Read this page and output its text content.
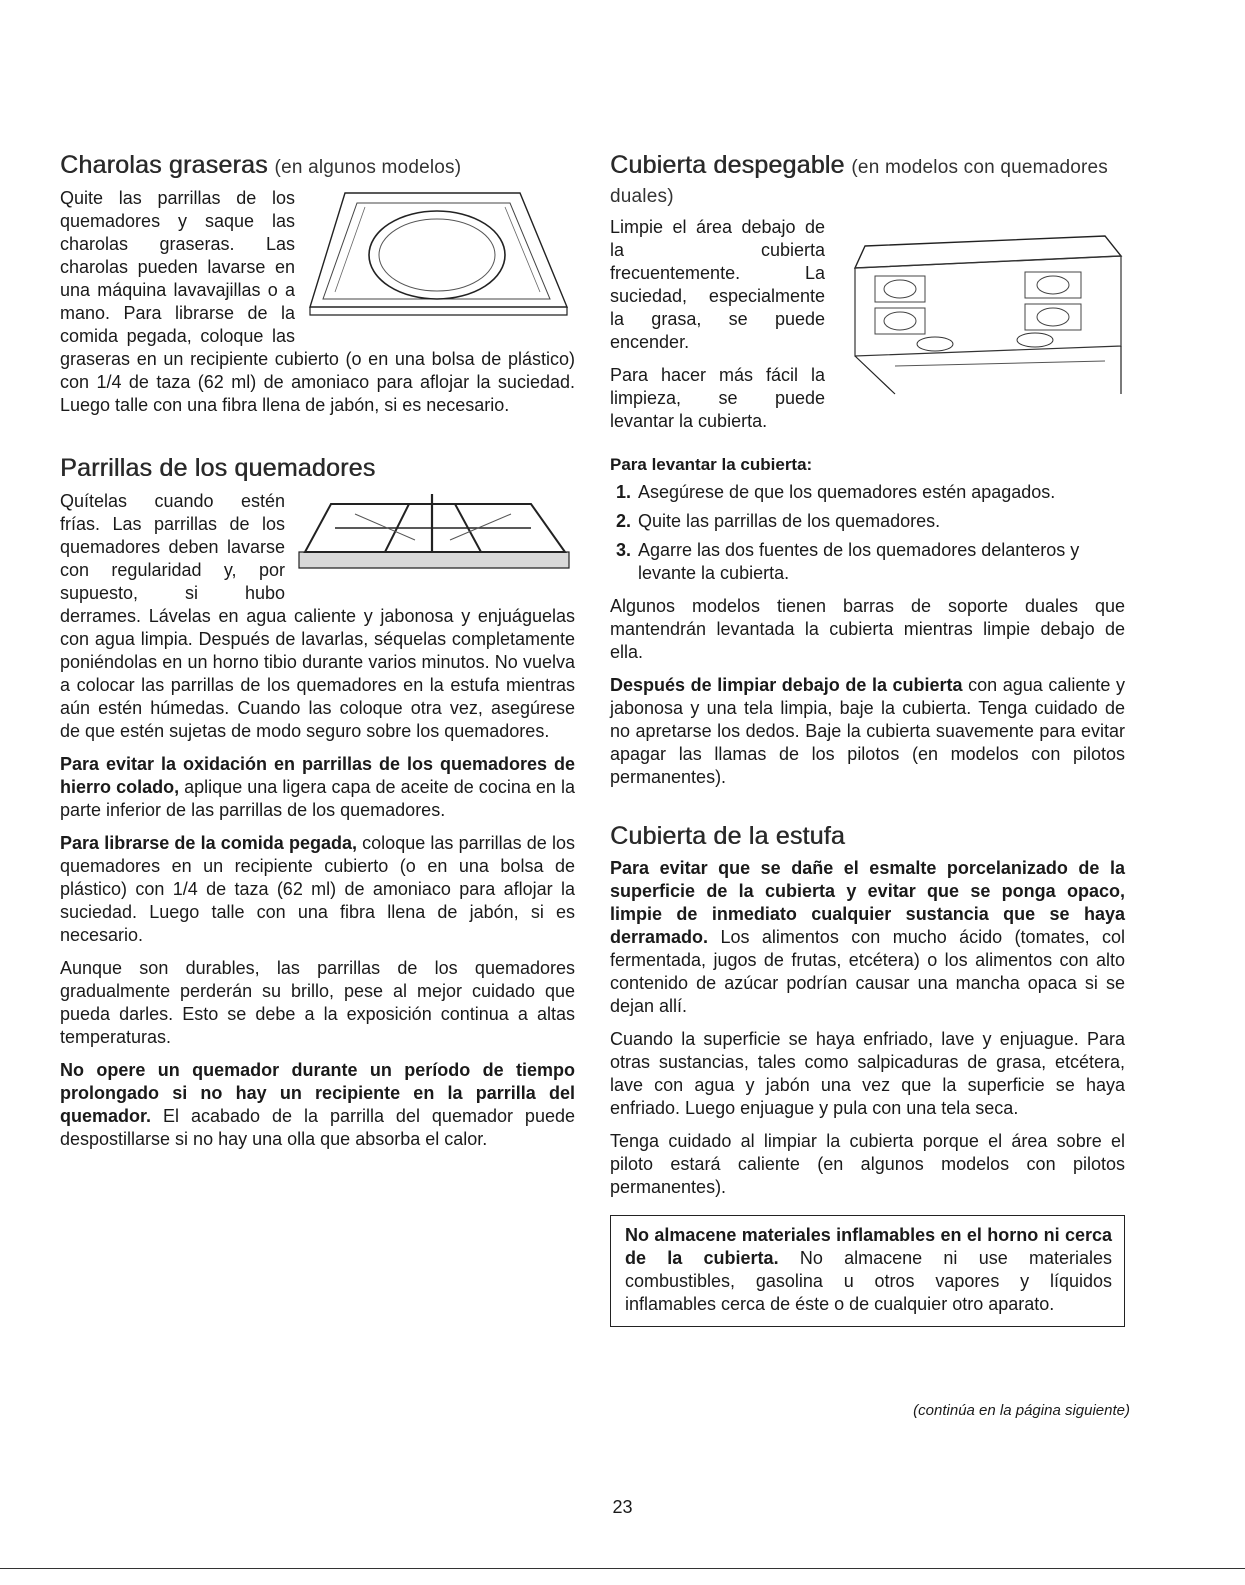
Charolas graseras (en algunos modelos)

Quite las parrillas de los quemadores y saque las charolas graseras. Las charolas pueden lavarse en una máquina lavavajillas o a mano. Para librarse de la comida pegada, coloque las graseras en un recipiente cubierto (o en una bolsa de plástico) con 1/4 de taza (62 ml) de amoniaco para aflojar la suciedad. Luego talle con una fibra llena de jabón, si es necesario.

Parrillas de los quemadores

Quítelas cuando estén frías. Las parrillas de los quemadores deben lavarse con regularidad y, por supuesto, si hubo derrames. Lávelas en agua caliente y jabonosa y enjuáguelas con agua limpia. Después de lavarlas, séquelas completamente poniéndolas en un horno tibio durante varios minutos. No vuelva a colocar las parrillas de los quemadores en la estufa mientras aún estén húmedas. Cuando las coloque otra vez, asegúrese de que estén sujetas de modo seguro sobre los quemadores.

Para evitar la oxidación en parrillas de los quemadores de hierro colado, aplique una ligera capa de aceite de cocina en la parte inferior de las parrillas de los quemadores.

Para librarse de la comida pegada, coloque las parrillas de los quemadores en un recipiente cubierto (o en una bolsa de plástico) con 1/4 de taza (62 ml) de amoniaco para aflojar la suciedad. Luego talle con una fibra llena de jabón, si es necesario.

Aunque son durables, las parrillas de los quemadores gradualmente perderán su brillo, pese al mejor cuidado que pueda darles. Esto se debe a la exposición continua a altas temperaturas.

No opere un quemador durante un período de tiempo prolongado si no hay un recipiente en la parrilla del quemador. El acabado de la parrilla del quemador puede despostillarse si no hay una olla que absorba el calor.

Cubierta despegable (en modelos con quemadores duales)

Limpie el área debajo de la cubierta frecuentemente. La suciedad, especialmente la grasa, se puede encender.

Para hacer más fácil la limpieza, se puede levantar la cubierta.

Para levantar la cubierta:
1. Asegúrese de que los quemadores estén apagados.
2. Quite las parrillas de los quemadores.
3. Agarre las dos fuentes de los quemadores delanteros y levante la cubierta.

Algunos modelos tienen barras de soporte duales que mantendrán levantada la cubierta mientras limpie debajo de ella.

Después de limpiar debajo de la cubierta con agua caliente y jabonosa y una tela limpia, baje la cubierta. Tenga cuidado de no apretarse los dedos. Baje la cubierta suavemente para evitar apagar las llamas de los pilotos (en modelos con pilotos permanentes).

Cubierta de la estufa

Para evitar que se dañe el esmalte porcelanizado de la superficie de la cubierta y evitar que se ponga opaco, limpie de inmediato cualquier sustancia que se haya derramado. Los alimentos con mucho ácido (tomates, col fermentada, jugos de frutas, etcétera) o los alimentos con alto contenido de azúcar podrían causar una mancha opaca si se dejan allí.

Cuando la superficie se haya enfriado, lave y enjuague. Para otras sustancias, tales como salpicaduras de grasa, etcétera, lave con agua y jabón una vez que la superficie se haya enfriado. Luego enjuague y pula con una tela seca.

Tenga cuidado al limpiar la cubierta porque el área sobre el piloto estará caliente (en algunos modelos con pilotos permanentes).

No almacene materiales inflamables en el horno ni cerca de la cubierta. No almacene ni use materiales combustibles, gasolina u otros vapores y líquidos inflamables cerca de éste o de cualquier otro aparato.
(continúa en la página siguiente)
23
